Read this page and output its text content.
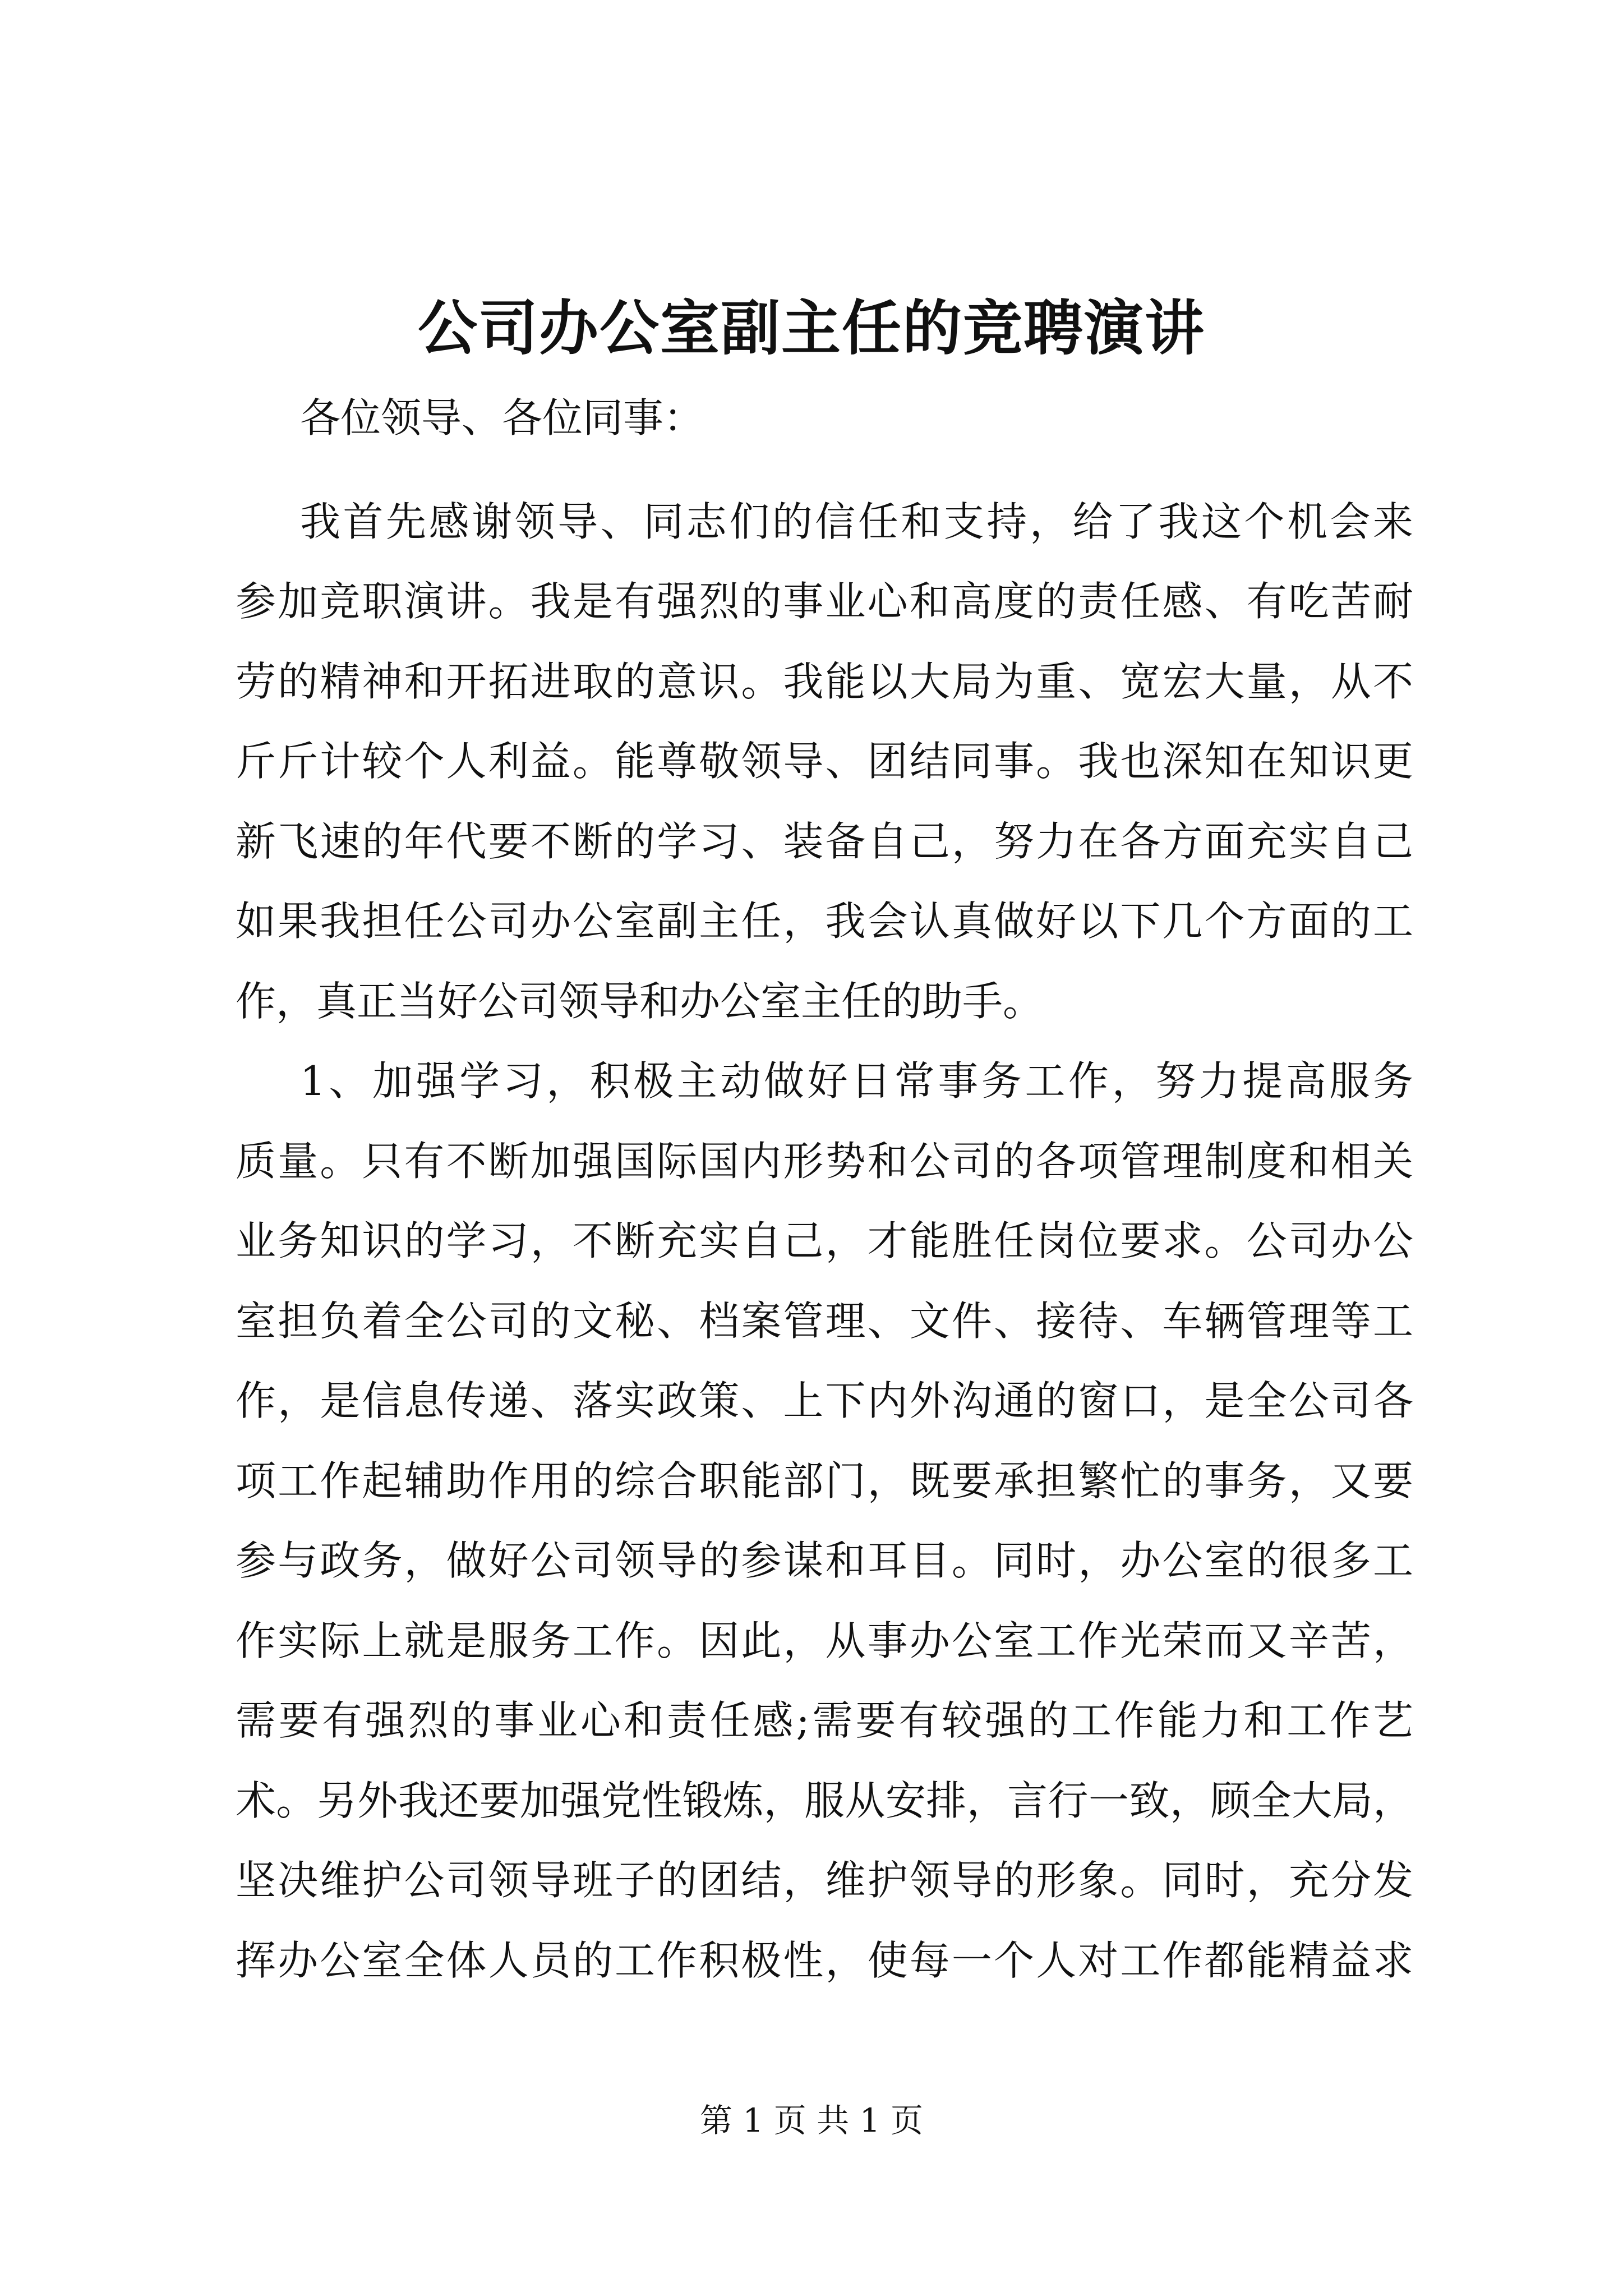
公司办公室副主任的竞聘演讲
各位领导、各位同事：
我首先感谢领导、同志们的信任和支持，给了我这个机会来
参加竞职演讲。我是有强烈的事业心和高度的责任感、有吃苦耐
劳的精神和开拓进取的意识。我能以大局为重、宽宏大量，从不
斤斤计较个人利益。能尊敬领导、团结同事。我也深知在知识更
新飞速的年代要不断的学习、装备自己，努力在各方面充实自己
如果我担任公司办公室副主任，我会认真做好以下几个方面的工
作，真正当好公司领导和办公室主任的助手。
1、加强学习，积极主动做好日常事务工作，努力提高服务
质量。只有不断加强国际国内形势和公司的各项管理制度和相关
业务知识的学习，不断充实自己，才能胜任岗位要求。公司办公
室担负着全公司的文秘、档案管理、文件、接待、车辆管理等工
作，是信息传递、落实政策、上下内外沟通的窗口，是全公司各
项工作起辅助作用的综合职能部门，既要承担繁忙的事务，又要
参与政务，做好公司领导的参谋和耳目。同时，办公室的很多工
作实际上就是服务工作。因此，从事办公室工作光荣而又辛苦，
需要有强烈的事业心和责任感;需要有较强的工作能力和工作艺
术。另外我还要加强党性锻炼，服从安排，言行一致，顾全大局，
坚决维护公司领导班子的团结，维护领导的形象。同时，充分发
挥办公室全体人员的工作积极性，使每一个人对工作都能精益求
第 1 页 共 1 页
